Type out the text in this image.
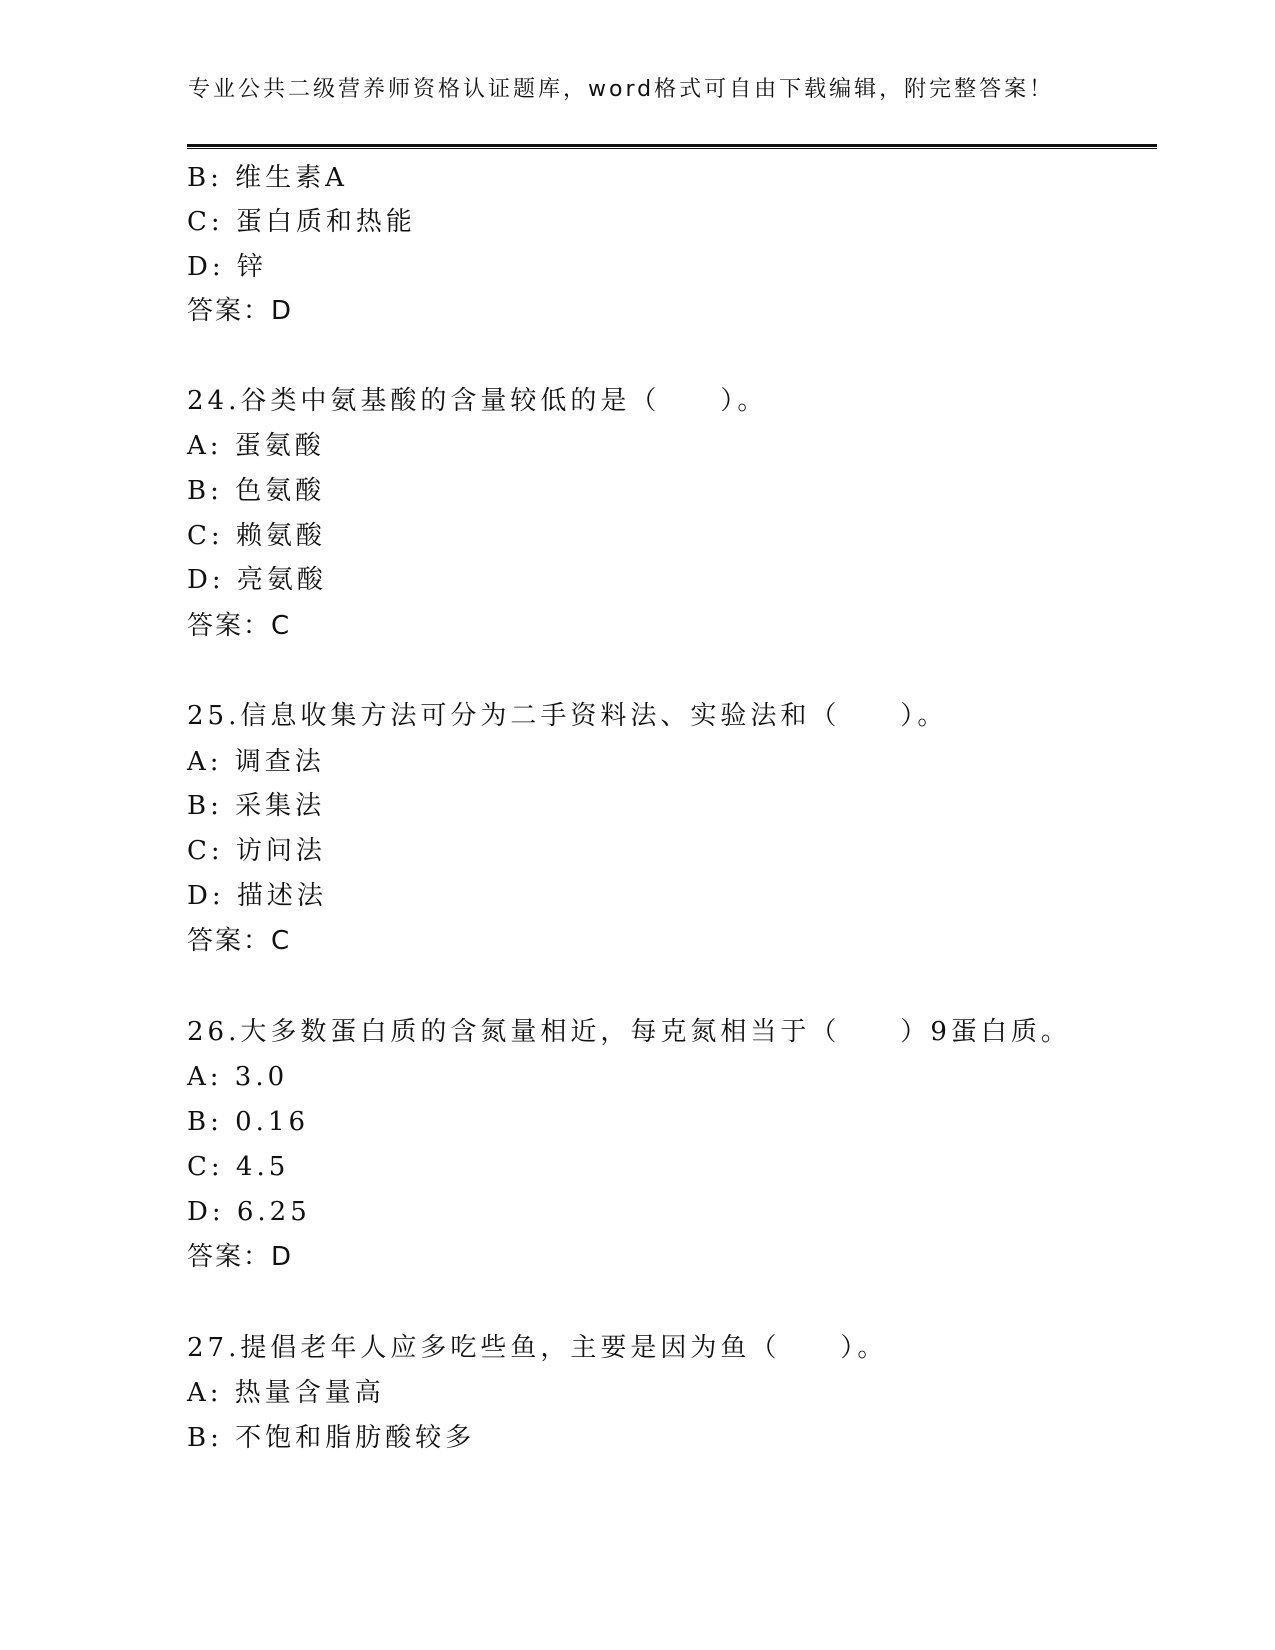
专业公共二级营养师资格认证题库，word格式可自由下载编辑，附完整答案！
B: 维生素A
C: 蛋白质和热能
D: 锌
答案：D
24.谷类中氨基酸的含量较低的是（　　）。
A: 蛋氨酸
B: 色氨酸
C: 赖氨酸
D: 亮氨酸
答案：C
25.信息收集方法可分为二手资料法、实验法和（　　）。
A: 调查法
B: 采集法
C: 访问法
D: 描述法
答案：C
26.大多数蛋白质的含氮量相近，每克氮相当于（　　）9蛋白质。
A: 3.0
B: 0.16
C: 4.5
D: 6.25
答案：D
27.提倡老年人应多吃些鱼，主要是因为鱼（　　）。
A: 热量含量高
B: 不饱和脂肪酸较多
